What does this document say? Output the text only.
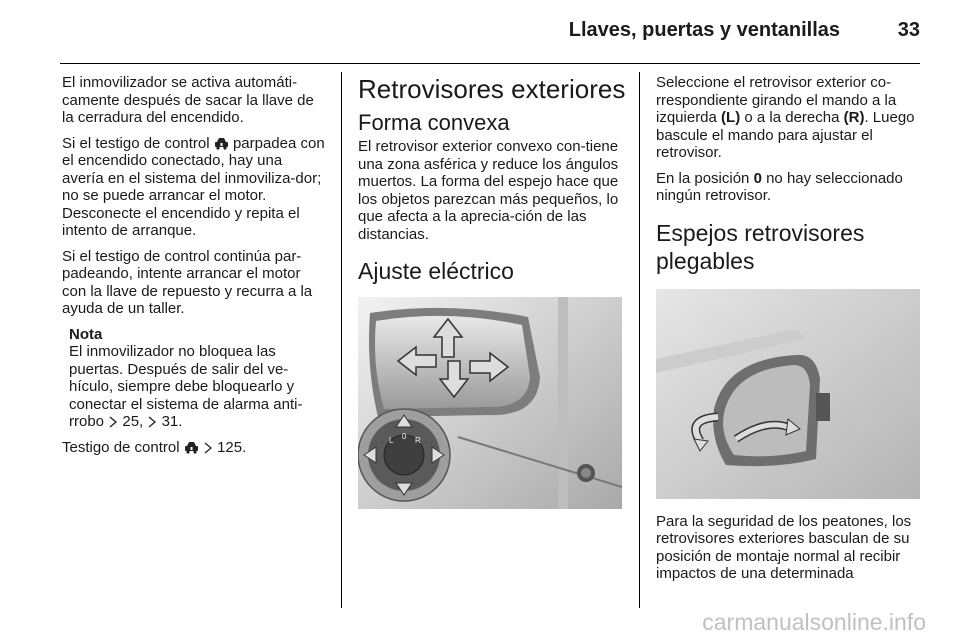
Llaves, puertas y ventanillas	33

El inmovilizador se activa automáti-camente después de sacar la llave de la cerradura del encendido.

Si el testigo de control parpadea con el encendido conectado, hay una avería en el sistema del inmoviliza-dor; no se puede arrancar el motor. Desconecte el encendido y repita el intento de arranque.

Si el testigo de control continúa par-padeando, intente arrancar el motor con la llave de repuesto y recurra a la ayuda de un taller.

Nota

El inmovilizador no bloquea las puertas. Después de salir del ve-hículo, siempre debe bloquearlo y conectar el sistema de alarma anti-rrobo 25, 31.

Testigo de control	125.

Retrovisores exteriores
Forma convexa

El retrovisor exterior convexo con-tiene una zona asférica y reduce los ángulos muertos. La forma del espejo hace que los objetos parezcan más pequeños, lo que afecta a la aprecia-ción de las distancias.

Ajuste eléctrico
L 0 R

Seleccione el retrovisor exterior co-rrespondiente girando el mando a la izquierda (L) o a la derecha (R). Luego bascule el mando para ajustar el retrovisor.

En la posición 0 no hay seleccionado ningún retrovisor.

Espejos retrovisores plegables

Para la seguridad de los peatones, los retrovisores exteriores basculan de su posición de montaje normal al recibir impactos de una determinada

carmanualsonline.info
